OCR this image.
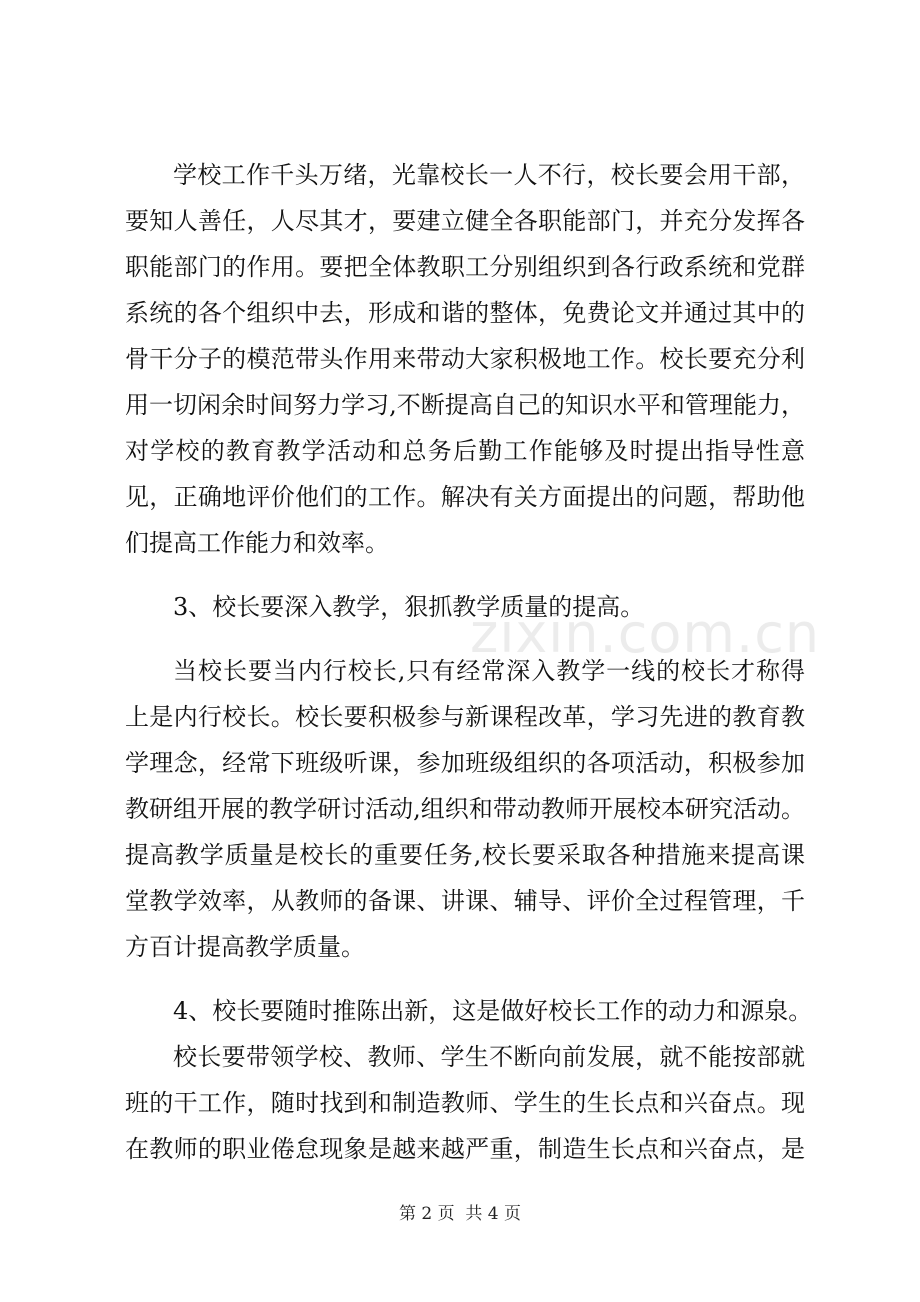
学校工作千头万绪，光靠校长一人不行，校长要会用干部，
要知人善任，人尽其才，要建立健全各职能部门，并充分发挥各
职能部门的作用。要把全体教职工分别组织到各行政系统和党群
系统的各个组织中去，形成和谐的整体，免费论文并通过其中的
骨干分子的模范带头作用来带动大家积极地工作。校长要充分利
用一切闲余时间努力学习,不断提高自己的知识水平和管理能力，
对学校的教育教学活动和总务后勤工作能够及时提出指导性意
见，正确地评价他们的工作。解决有关方面提出的问题，帮助他
们提高工作能力和效率。
3、校长要深入教学，狠抓教学质量的提高。
当校长要当内行校长,只有经常深入教学一线的校长才称得
上是内行校长。校长要积极参与新课程改革，学习先进的教育教
学理念，经常下班级听课，参加班级组织的各项活动，积极参加
教研组开展的教学研讨活动,组织和带动教师开展校本研究活动。
提高教学质量是校长的重要任务,校长要采取各种措施来提高课
堂教学效率，从教师的备课、讲课、辅导、评价全过程管理，千
方百计提高教学质量。
4、校长要随时推陈出新，这是做好校长工作的动力和源泉。
校长要带领学校、教师、学生不断向前发展，就不能按部就
班的干工作，随时找到和制造教师、学生的生长点和兴奋点。现
在教师的职业倦怠现象是越来越严重，制造生长点和兴奋点，是
zixin.com.cn
第 2 页  共 4 页
